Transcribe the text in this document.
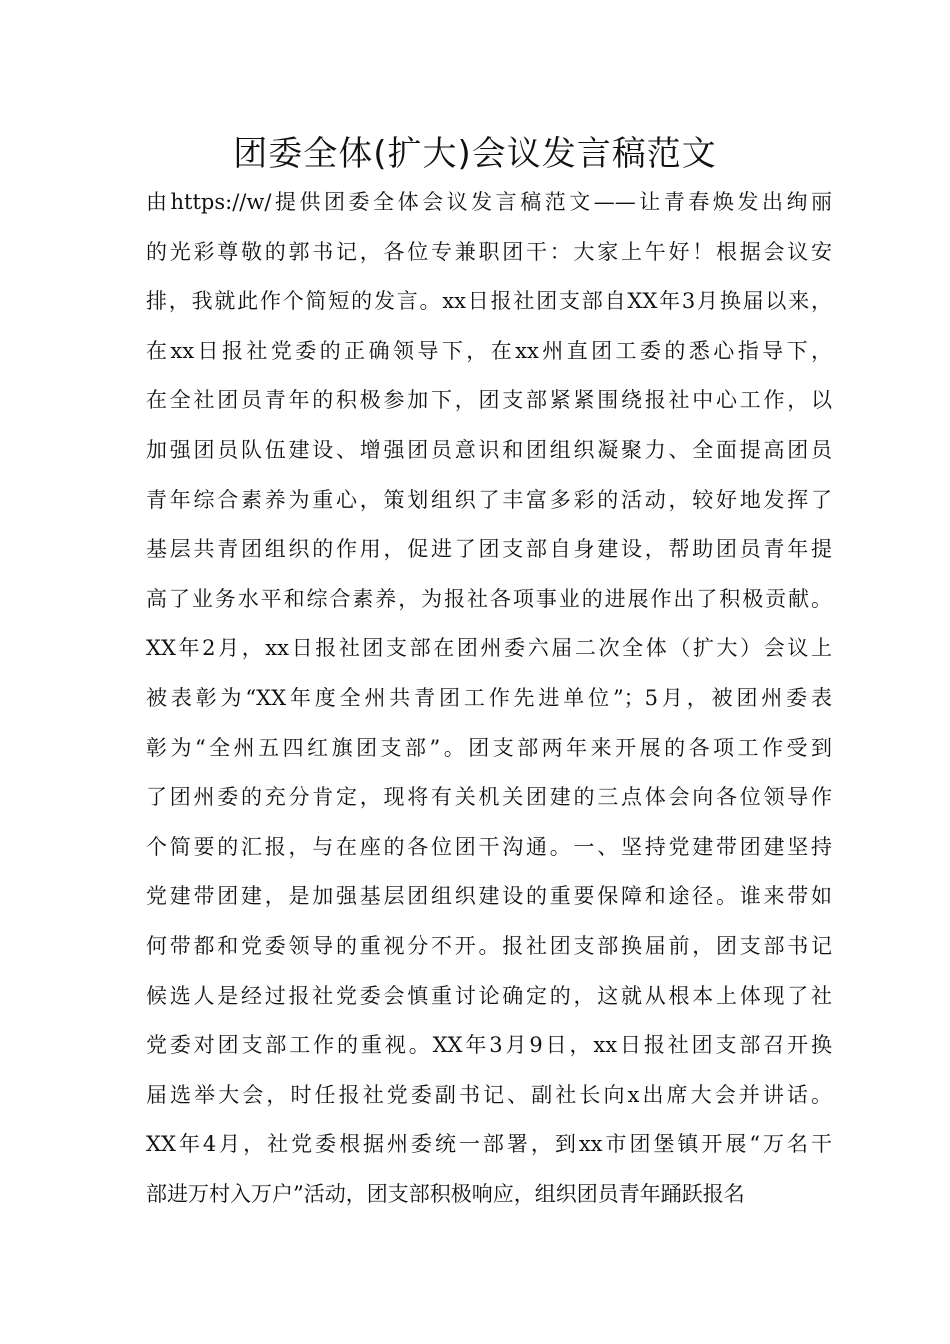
团委全体(扩大)会议发言稿范文
由https://w/提供团委全体会议发言稿范文——让青春焕发出绚丽
的光彩尊敬的郭书记，各位专兼职团干：大家上午好！根据会议安
排，我就此作个简短的发言。xx日报社团支部自XX年3月换届以来，
在xx日报社党委的正确领导下，在xx州直团工委的悉心指导下，
在全社团员青年的积极参加下，团支部紧紧围绕报社中心工作，以
加强团员队伍建设、增强团员意识和团组织凝聚力、全面提高团员
青年综合素养为重心，策划组织了丰富多彩的活动，较好地发挥了
基层共青团组织的作用，促进了团支部自身建设，帮助团员青年提
高了业务水平和综合素养，为报社各项事业的进展作出了积极贡献。
XX年2月，xx日报社团支部在团州委六届二次全体（扩大）会议上
被表彰为“XX年度全州共青团工作先进单位”；5月，被团州委表
彰为“全州五四红旗团支部”。团支部两年来开展的各项工作受到
了团州委的充分肯定，现将有关机关团建的三点体会向各位领导作
个简要的汇报，与在座的各位团干沟通。一、坚持党建带团建坚持
党建带团建，是加强基层团组织建设的重要保障和途径。谁来带如
何带都和党委领导的重视分不开。报社团支部换届前，团支部书记
候选人是经过报社党委会慎重讨论确定的，这就从根本上体现了社
党委对团支部工作的重视。XX年3月9日，xx日报社团支部召开换
届选举大会，时任报社党委副书记、副社长向x出席大会并讲话。
XX年4月，社党委根据州委统一部署，到xx市团堡镇开展“万名干
部进万村入万户”活动，团支部积极响应，组织团员青年踊跃报名
